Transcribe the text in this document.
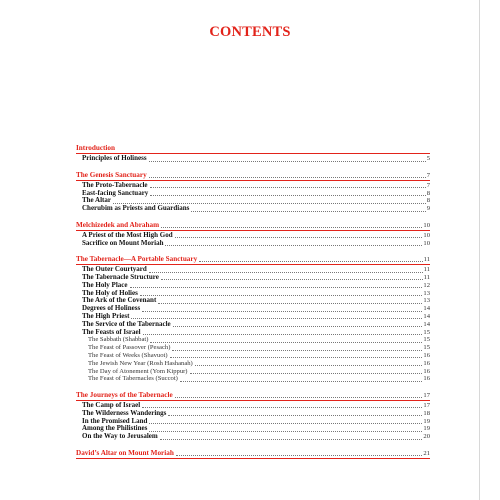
CONTENTS
Introduction
Principles of Holiness	5
The Genesis Sanctuary	7
The Proto-Tabernacle	7
East-facing Sanctuary	8
The Altar	8
Cherubim as Priests and Guardians	9
Melchizedek and Abraham	10
A Priest of the Most High God	10
Sacrifice on Mount Moriah	10
The Tabernacle—A Portable Sanctuary	11
The Outer Courtyard	11
The Tabernacle Structure	11
The Holy Place	12
The Holy of Holies	13
The Ark of the Covenant	13
Degrees of Holiness	14
The High Priest	14
The Service of the Tabernacle	14
The Feasts of Israel	15
The Sabbath (Shabbat)	15
The Feast of Passover (Pesach)	15
The Feast of Weeks (Shavuot)	16
The Jewish New Year (Rosh Hashanah)	16
The Day of Atonement (Yom Kippur)	16
The Feast of Tabernacles (Succot)	16
The Journeys of the Tabernacle	17
The Camp of Israel	17
The Wilderness Wanderings	18
In the Promised Land	19
Among the Philistines	19
On the Way to Jerusalem	20
David’s Altar on Mount Moriah	21
